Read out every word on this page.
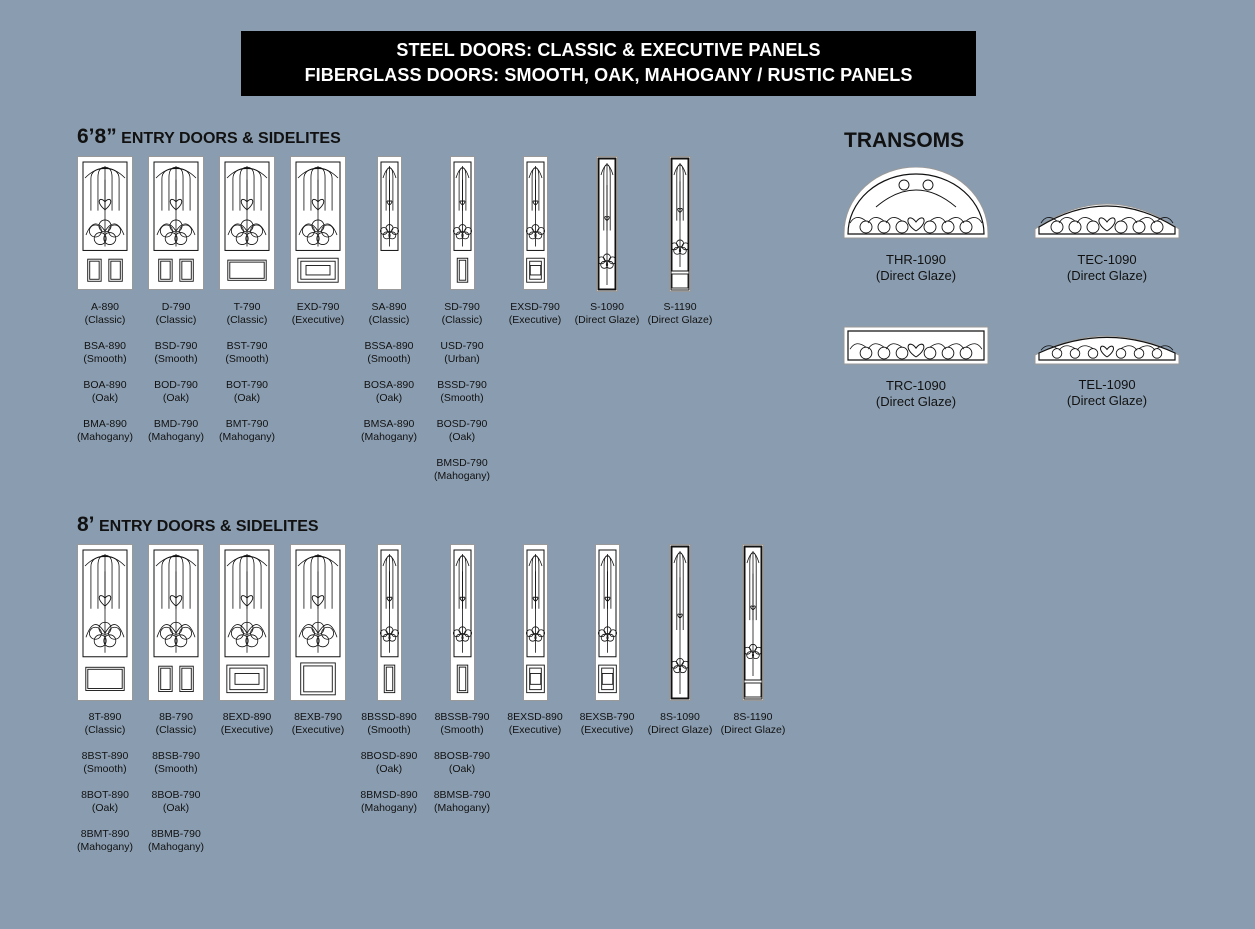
STEEL DOORS: CLASSIC & EXECUTIVE PANELS
FIBERGLASS DOORS: SMOOTH, OAK, MAHOGANY / RUSTIC PANELS
6’8” ENTRY DOORS & SIDELITES
8’ ENTRY DOORS & SIDELITES
TRANSOMS
A-890
(Classic)
BSA-890
(Smooth)
BOA-890
(Oak)
BMA-890
(Mahogany)
D-790
(Classic)
BSD-790
(Smooth)
BOD-790
(Oak)
BMD-790
(Mahogany)
T-790
(Classic)
BST-790
(Smooth)
BOT-790
(Oak)
BMT-790
(Mahogany)
EXD-790
(Executive)
SA-890
(Classic)
BSSA-890
(Smooth)
BOSA-890
(Oak)
BMSA-890
(Mahogany)
SD-790
(Classic)
USD-790
(Urban)
BSSD-790
(Smooth)
BOSD-790
(Oak)
BMSD-790
(Mahogany)
EXSD-790
(Executive)
S-1090
(Direct Glaze)
S-1190
(Direct Glaze)
8T-890
(Classic)
8BST-890
(Smooth)
8BOT-890
(Oak)
8BMT-890
(Mahogany)
8B-790
(Classic)
8BSB-790
(Smooth)
8BOB-790
(Oak)
8BMB-790
(Mahogany)
8EXD-890
(Executive)
8EXB-790
(Executive)
8BSSD-890
(Smooth)
8BOSD-890
(Oak)
8BMSD-890
(Mahogany)
8BSSB-790
(Smooth)
8BOSB-790
(Oak)
8BMSB-790
(Mahogany)
8EXSD-890
(Executive)
8EXSB-790
(Executive)
8S-1090
(Direct Glaze)
8S-1190
(Direct Glaze)
THR-1090
(Direct Glaze)
TEC-1090
(Direct Glaze)
TRC-1090
(Direct Glaze)
TEL-1090
(Direct Glaze)
